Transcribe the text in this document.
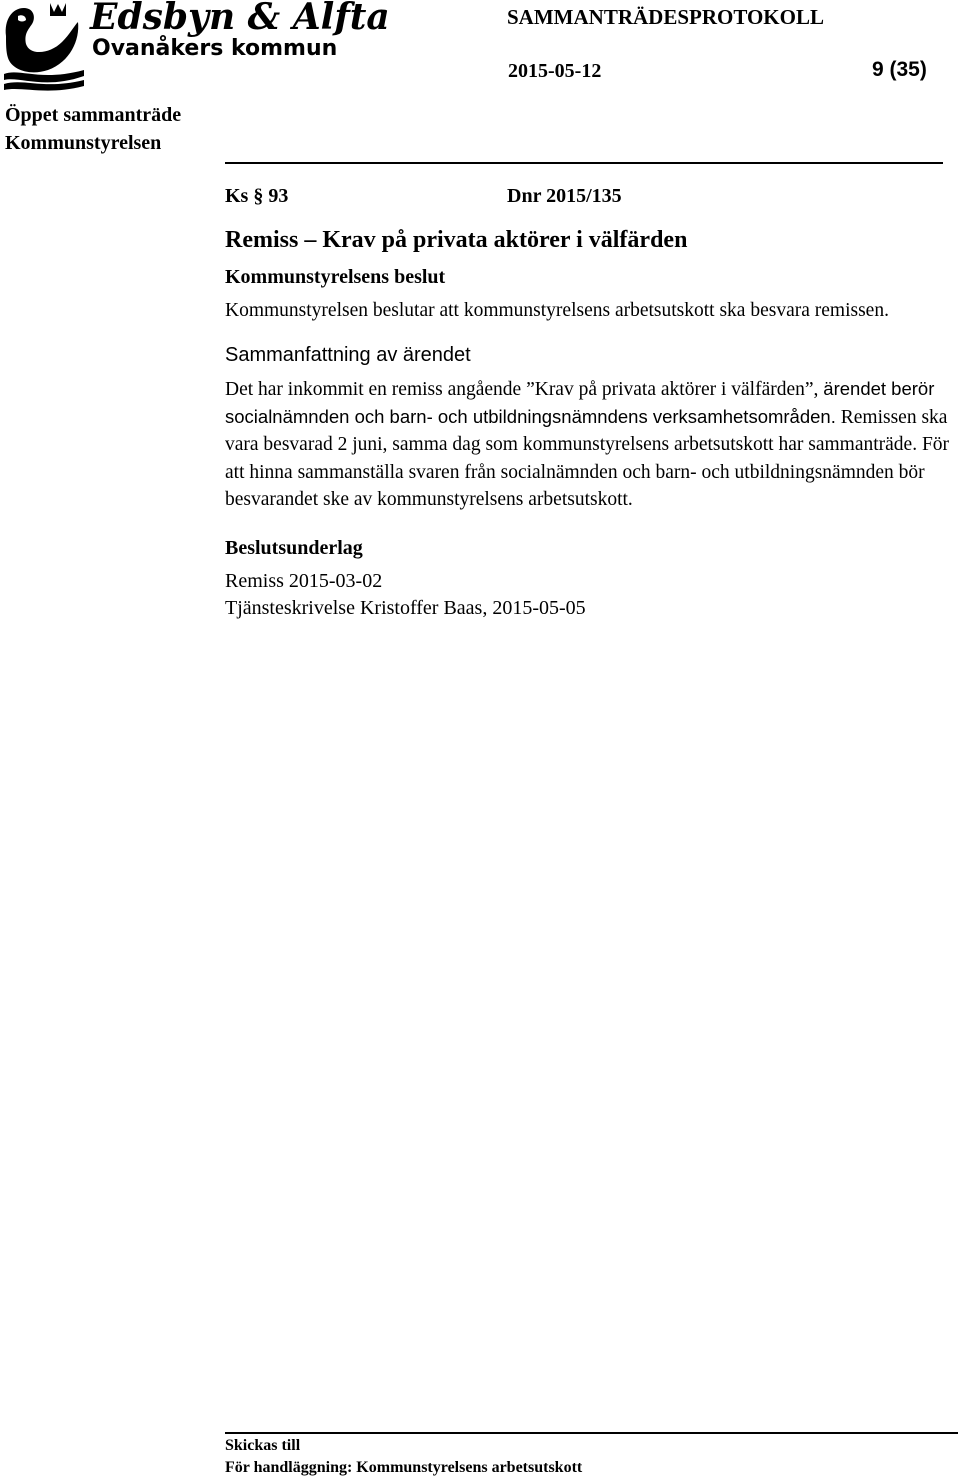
Edsbyn & Alfta
Ovanåkers kommun
SAMMANTRÄDESPROTOKOLL
2015-05-12	9 (35)
Öppet sammanträde
Kommunstyrelsen
Ks § 93	Dnr 2015/135
Remiss – Krav på privata aktörer i välfärden
Kommunstyrelsens beslut
Kommunstyrelsen beslutar att kommunstyrelsens arbetsutskott ska besvara remissen.
Sammanfattning av ärendet
Det har inkommit en remiss angående ”Krav på privata aktörer i välfärden”, ärendet berör socialnämnden och barn- och utbildningsnämndens verksamhetsområden. Remissen ska vara besvarad 2 juni, samma dag som kommunstyrelsens arbetsutskott har sammanträde. För att hinna sammanställa svaren från socialnämnden och barn- och utbildningsnämnden bör besvarandet ske av kommunstyrelsens arbetsutskott.
Beslutsunderlag
Remiss 2015-03-02
Tjänsteskrivelse Kristoffer Baas, 2015-05-05
Skickas till
För handläggning: Kommunstyrelsens arbetsutskott
